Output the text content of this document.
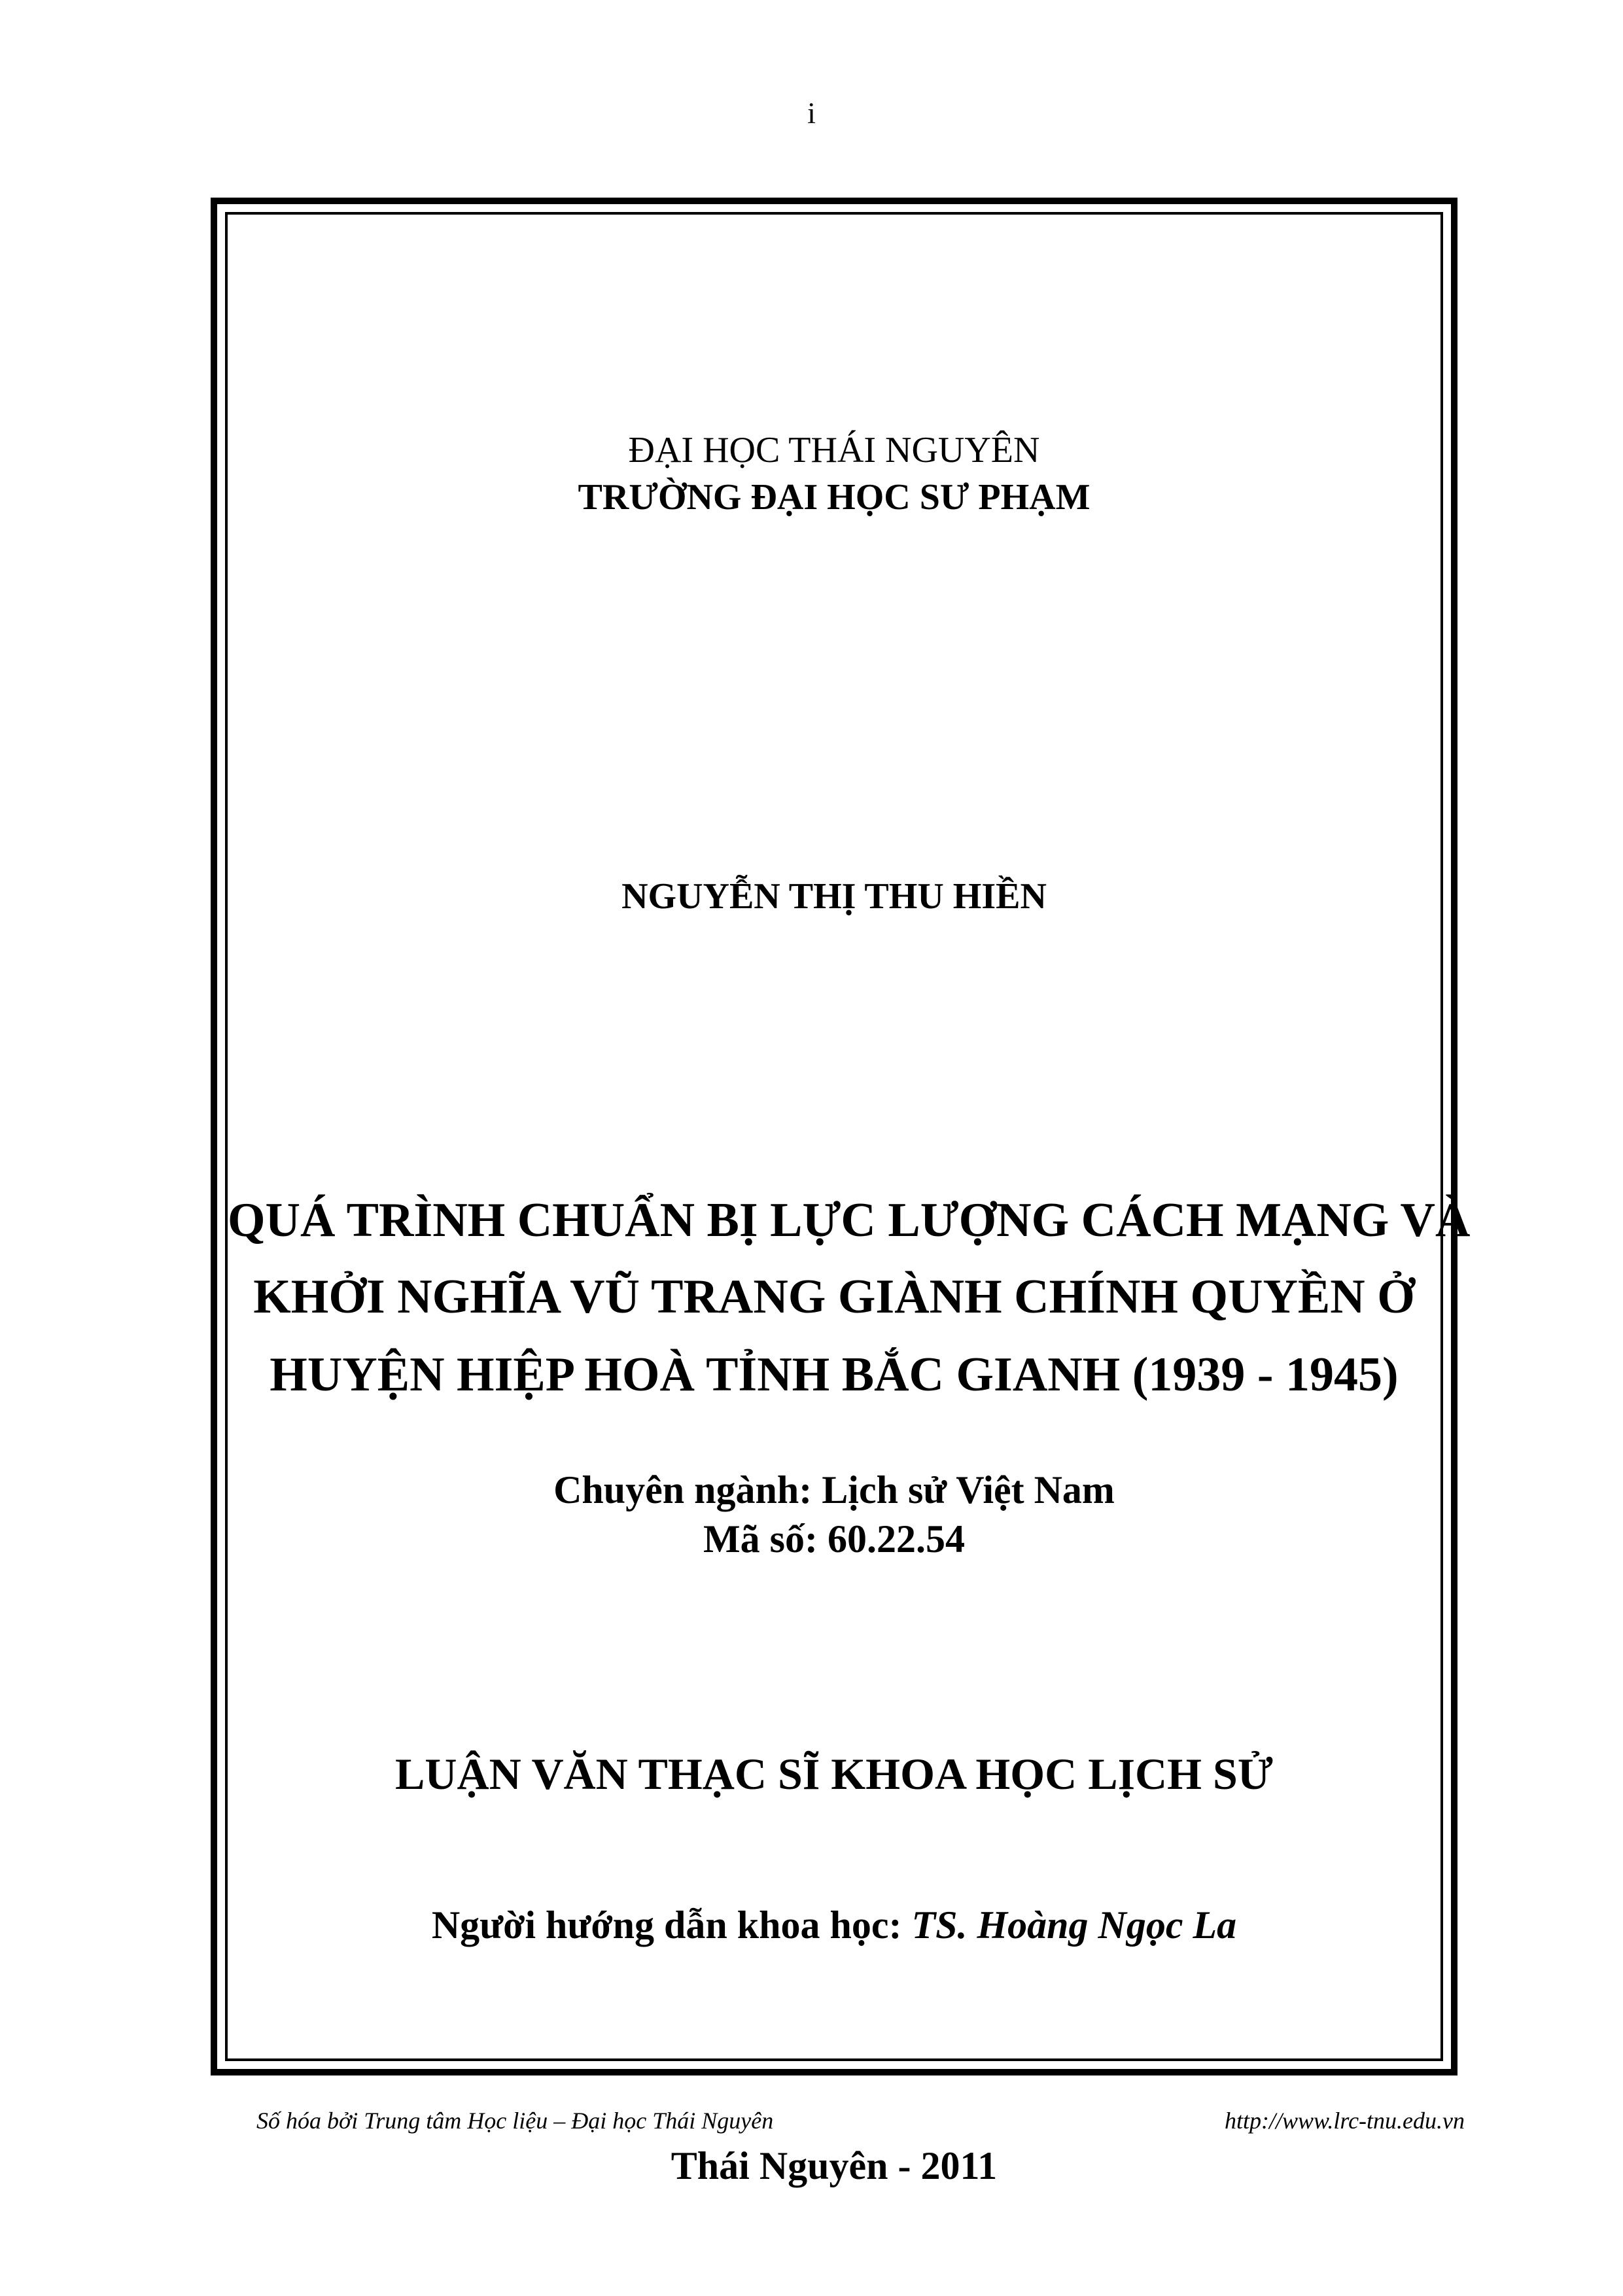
i
ĐẠI HỌC THÁI NGUYÊN
TRƯỜNG ĐẠI HỌC SƯ PHẠM
NGUYỄN THỊ THU HIỀN
QUÁ TRÌNH CHUẨN BỊ LỰC LƯỢNG CÁCH MẠNG VÀ
KHỞI NGHĨA VŨ TRANG GIÀNH CHÍNH QUYỀN Ở
HUYỆN HIỆP HOÀ TỈNH BẮC GIANH (1939 - 1945)
Chuyên ngành: Lịch sử Việt Nam
Mã số: 60.22.54
LUẬN VĂN THẠC SĨ KHOA HỌC LỊCH SỬ
Người hướng dẫn khoa học: TS. Hoàng Ngọc La
Thái Nguyên - 2011
Số hóa bởi Trung tâm Học liệu – Đại học Thái Nguyên	http://www.lrc-tnu.edu.vn
